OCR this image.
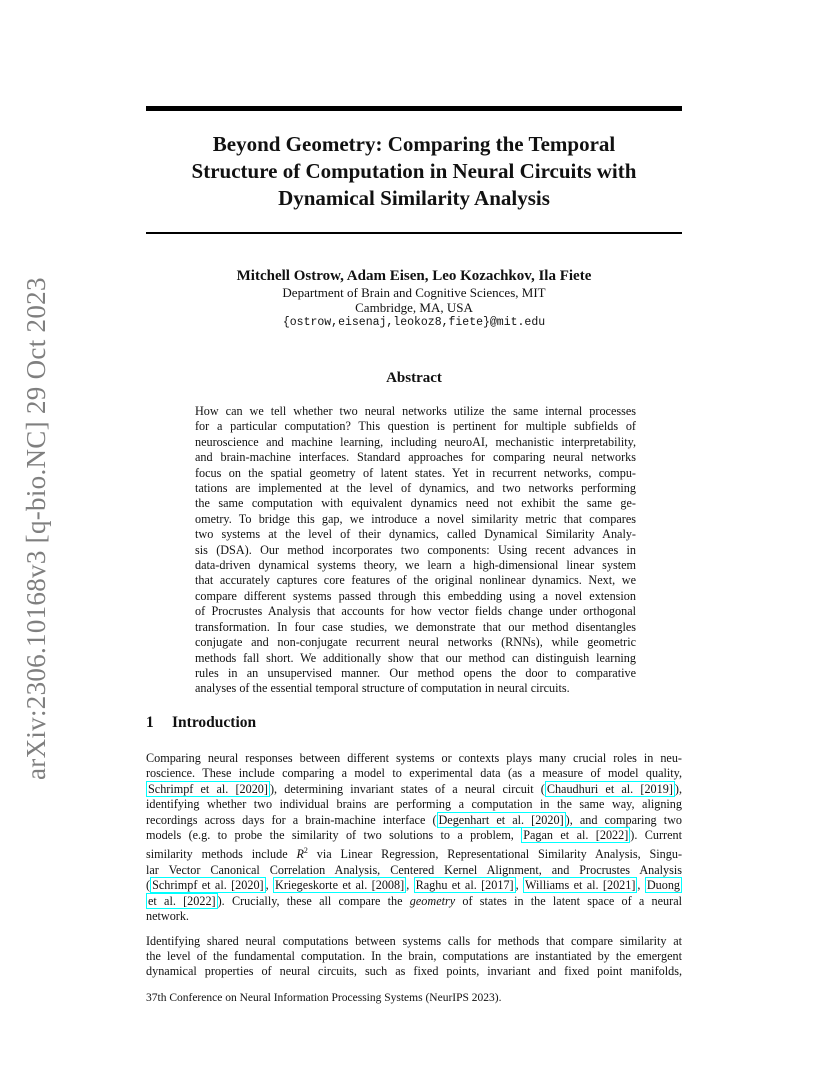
arXiv:2306.10168v3 [q-bio.NC] 29 Oct 2023
Beyond Geometry: Comparing the Temporal
Structure of Computation in Neural Circuits with
Dynamical Similarity Analysis
Mitchell Ostrow, Adam Eisen, Leo Kozachkov, Ila Fiete
Department of Brain and Cognitive Sciences, MIT
Cambridge, MA, USA
{ostrow,eisenaj,leokoz8,fiete}@mit.edu
Abstract
How can we tell whether two neural networks utilize the same internal processes
for a particular computation? This question is pertinent for multiple subfields of
neuroscience and machine learning, including neuroAI, mechanistic interpretability,
and brain-machine interfaces. Standard approaches for comparing neural networks
focus on the spatial geometry of latent states. Yet in recurrent networks, compu-
tations are implemented at the level of dynamics, and two networks performing
the same computation with equivalent dynamics need not exhibit the same ge-
ometry. To bridge this gap, we introduce a novel similarity metric that compares
two systems at the level of their dynamics, called Dynamical Similarity Analy-
sis (DSA). Our method incorporates two components: Using recent advances in
data-driven dynamical systems theory, we learn a high-dimensional linear system
that accurately captures core features of the original nonlinear dynamics. Next, we
compare different systems passed through this embedding using a novel extension
of Procrustes Analysis that accounts for how vector fields change under orthogonal
transformation. In four case studies, we demonstrate that our method disentangles
conjugate and non-conjugate recurrent neural networks (RNNs), while geometric
methods fall short. We additionally show that our method can distinguish learning
rules in an unsupervised manner. Our method opens the door to comparative
analyses of the essential temporal structure of computation in neural circuits.
1 Introduction
Comparing neural responses between different systems or contexts plays many crucial roles in neu-
roscience. These include comparing a model to experimental data (as a measure of model quality,
Schrimpf et al. [2020] ), determining invariant states of a neural circuit ( Chaudhuri et al. [2019] ),
identifying whether two individual brains are performing a computation in the same way, aligning
recordings across days for a brain-machine interface ( Degenhart et al. [2020] ), and comparing two
models (e.g. to probe the similarity of two solutions to a problem, Pagan et al. [2022] ). Current
similarity methods include $R^2$ via Linear Regression, Representational Similarity Analysis, Singu-
lar Vector Canonical Correlation Analysis, Centered Kernel Alignment, and Procrustes Analysis
( Schrimpf et al. [2020] , Kriegeskorte et al. [2008] , Raghu et al. [2017] , Williams et al. [2021] , Duong
et al. [2022] ). Crucially, these all compare the geometry of states in the latent space of a neural
network.
Identifying shared neural computations between systems calls for methods that compare similarity at
the level of the fundamental computation. In the brain, computations are instantiated by the emergent
dynamical properties of neural circuits, such as fixed points, invariant and fixed point manifolds,
37th Conference on Neural Information Processing Systems (NeurIPS 2023).
